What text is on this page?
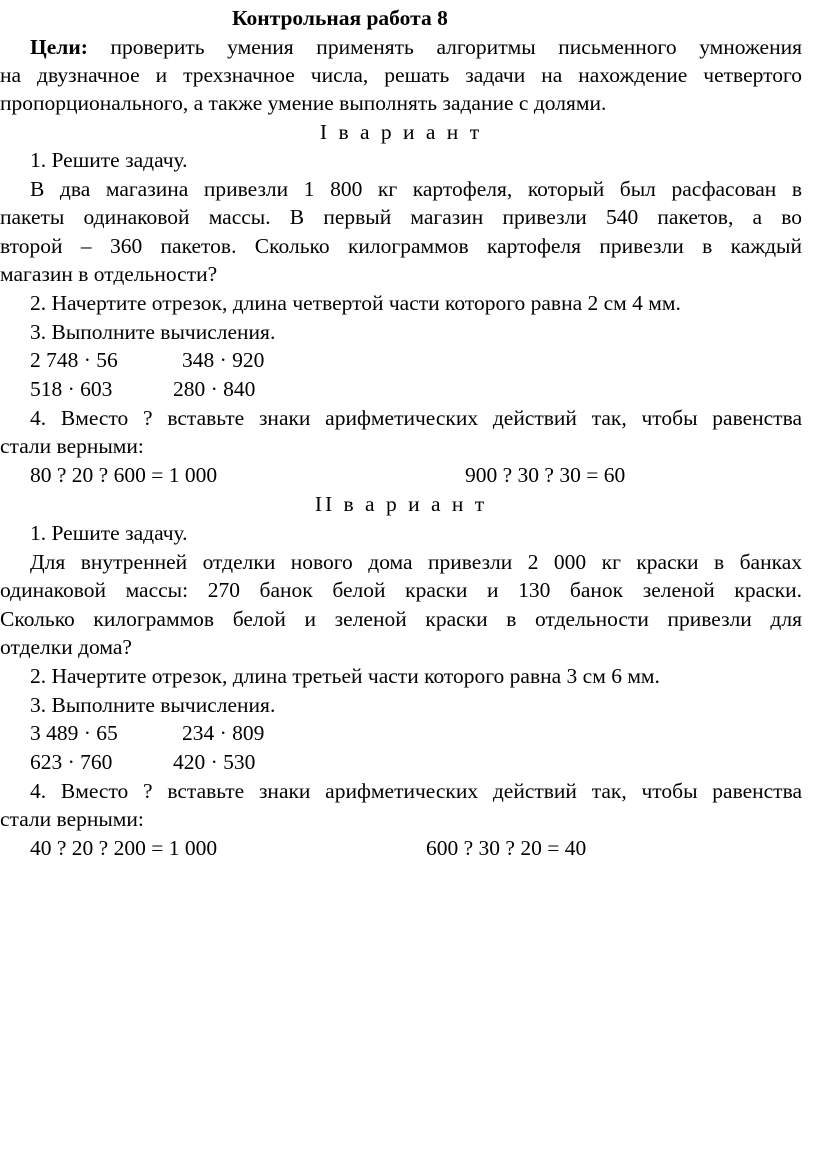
Контрольная работа 8
Цели: проверить умения применять алгоритмы письменного умножения
на двузначное и трехзначное числа, решать задачи на нахождение четвертого
пропорционального, а также умение выполнять задание с долями.
I в а р и а н т
1. Решите задачу.
В два магазина привезли 1 800 кг картофеля, который был расфасован в
пакеты одинаковой массы. В первый магазин привезли 540 пакетов, а во
второй – 360 пакетов. Сколько килограммов картофеля привезли в каждый
магазин в отдельности?
2. Начертите отрезок, длина четвертой части которого равна 2 см 4 мм.
3. Выполните вычисления.
2 748 · 56	348 · 920
518 · 603	280 · 840
4. Вместо ? вставьте знаки арифметических действий так, чтобы равенства
стали верными:
80 ? 20 ? 600 = 1 000	900 ? 30 ? 30 = 60
II в а р и а н т
1. Решите задачу.
Для внутренней отделки нового дома привезли 2 000 кг краски в банках
одинаковой массы: 270 банок белой краски и 130 банок зеленой краски.
Сколько килограммов белой и зеленой краски в отдельности привезли для
отделки дома?
2. Начертите отрезок, длина третьей части которого равна 3 см 6 мм.
3. Выполните вычисления.
3 489 · 65	234 · 809
623 · 760	420 · 530
4. Вместо ? вставьте знаки арифметических действий так, чтобы равенства
стали верными:
40 ? 20 ? 200 = 1 000	600 ? 30 ? 20 = 40
